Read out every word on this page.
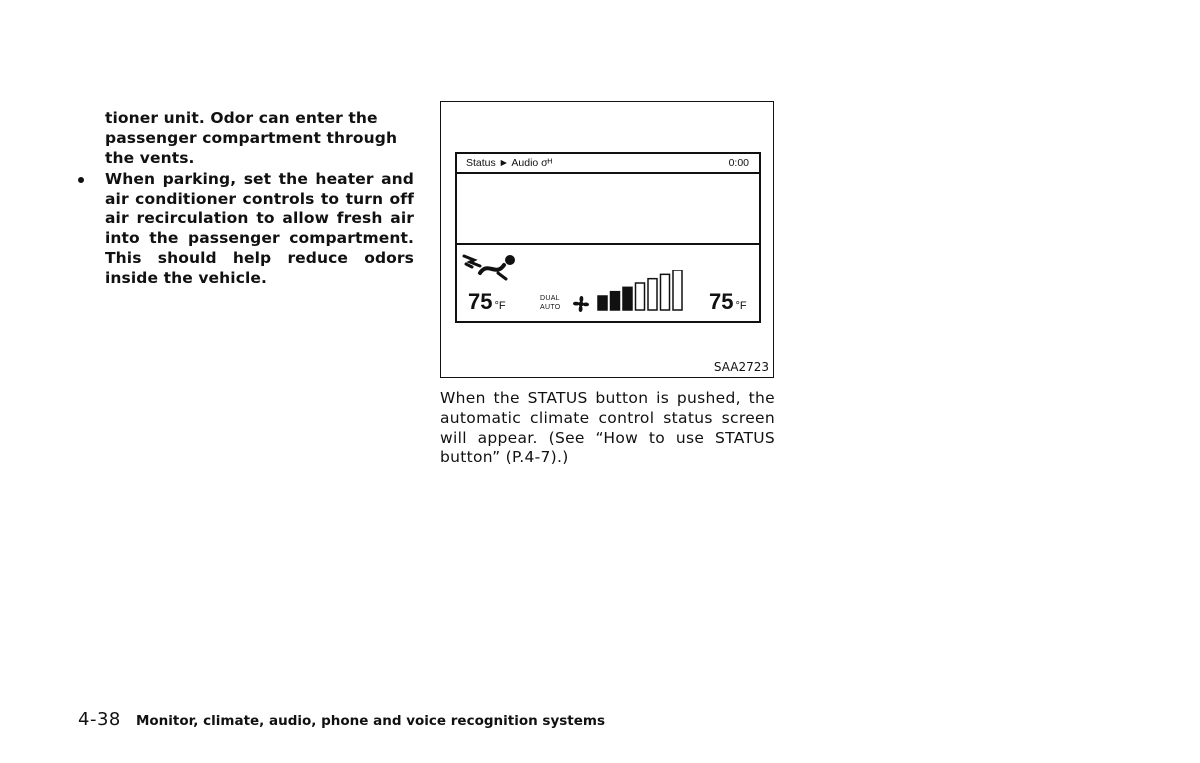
tioner unit. Odor can enter the passenger compartment through the vents.

When parking, set the heater and air conditioner controls to turn off air recirculation to allow fresh air into the passenger compartment. This should help reduce odors inside the vehicle.

Status ► Audio σᴴ	0:00
75 °F
DUAL
AUTO	75 °F
SAA2723

When the STATUS button is pushed, the automatic climate control status screen will appear. (See “How to use STATUS button” (P.4-7).)

4-38 Monitor, climate, audio, phone and voice recognition systems
